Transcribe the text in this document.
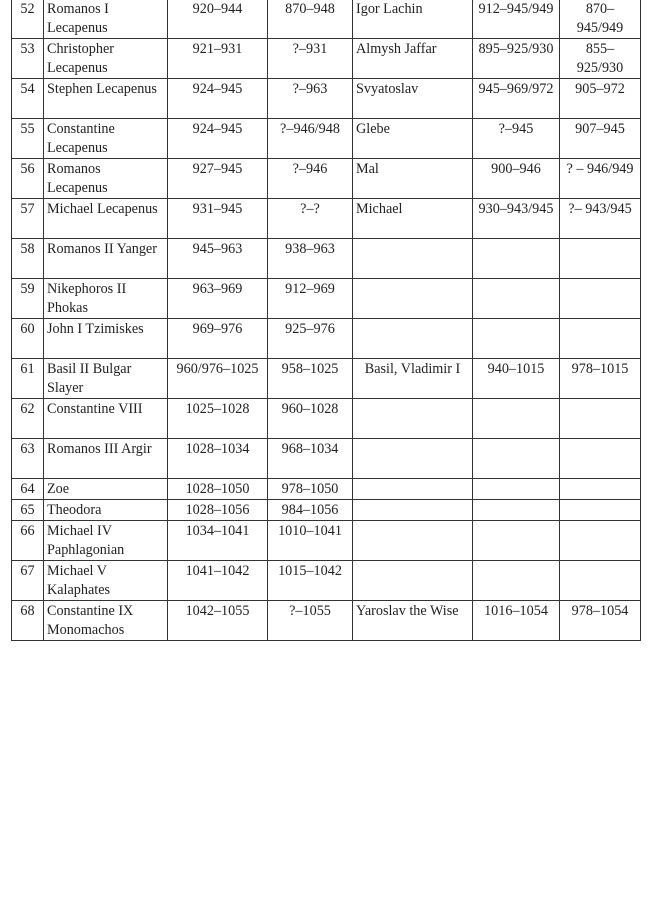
52	Romanos I Lecapenus	920–944	870–948	Igor Lachin	912–945/949	870–945/949
53	Christopher Lecapenus	921–931	?–931	Almysh Jaffar	895–925/930	855–925/930
54	Stephen Lecapenus	924–945	?–963	Svyatoslav	945–969/972	905–972
55	Constantine Lecapenus	924–945	?–946/948	Glebe	?–945	907–945
56	Romanos Lecapenus	927–945	?–946	Mal	900–946	? – 946/949
57	Michael Lecapenus	931–945	?–?	Michael	930–943/945	?– 943/945
58	Romanos II Yanger	945–963	938–963			
59	Nikephoros II Phokas	963–969	912–969			
60	John I Tzimiskes	969–976	925–976			
61	Basil II Bulgar Slayer	960/976–1025	958–1025	Basil, Vladimir I	940–1015	978–1015
62	Constantine VIII	1025–1028	960–1028			
63	Romanos III Argir	1028–1034	968–1034			
64	Zoe	1028–1050	978–1050			
65	Theodora	1028–1056	984–1056			
66	Michael IV Paphlagonian	1034–1041	1010–1041			
67	Michael V Kalaphates	1041–1042	1015–1042			
68	Constantine IX Monomachos	1042–1055	?–1055	Yaroslav the Wise	1016–1054	978–1054
